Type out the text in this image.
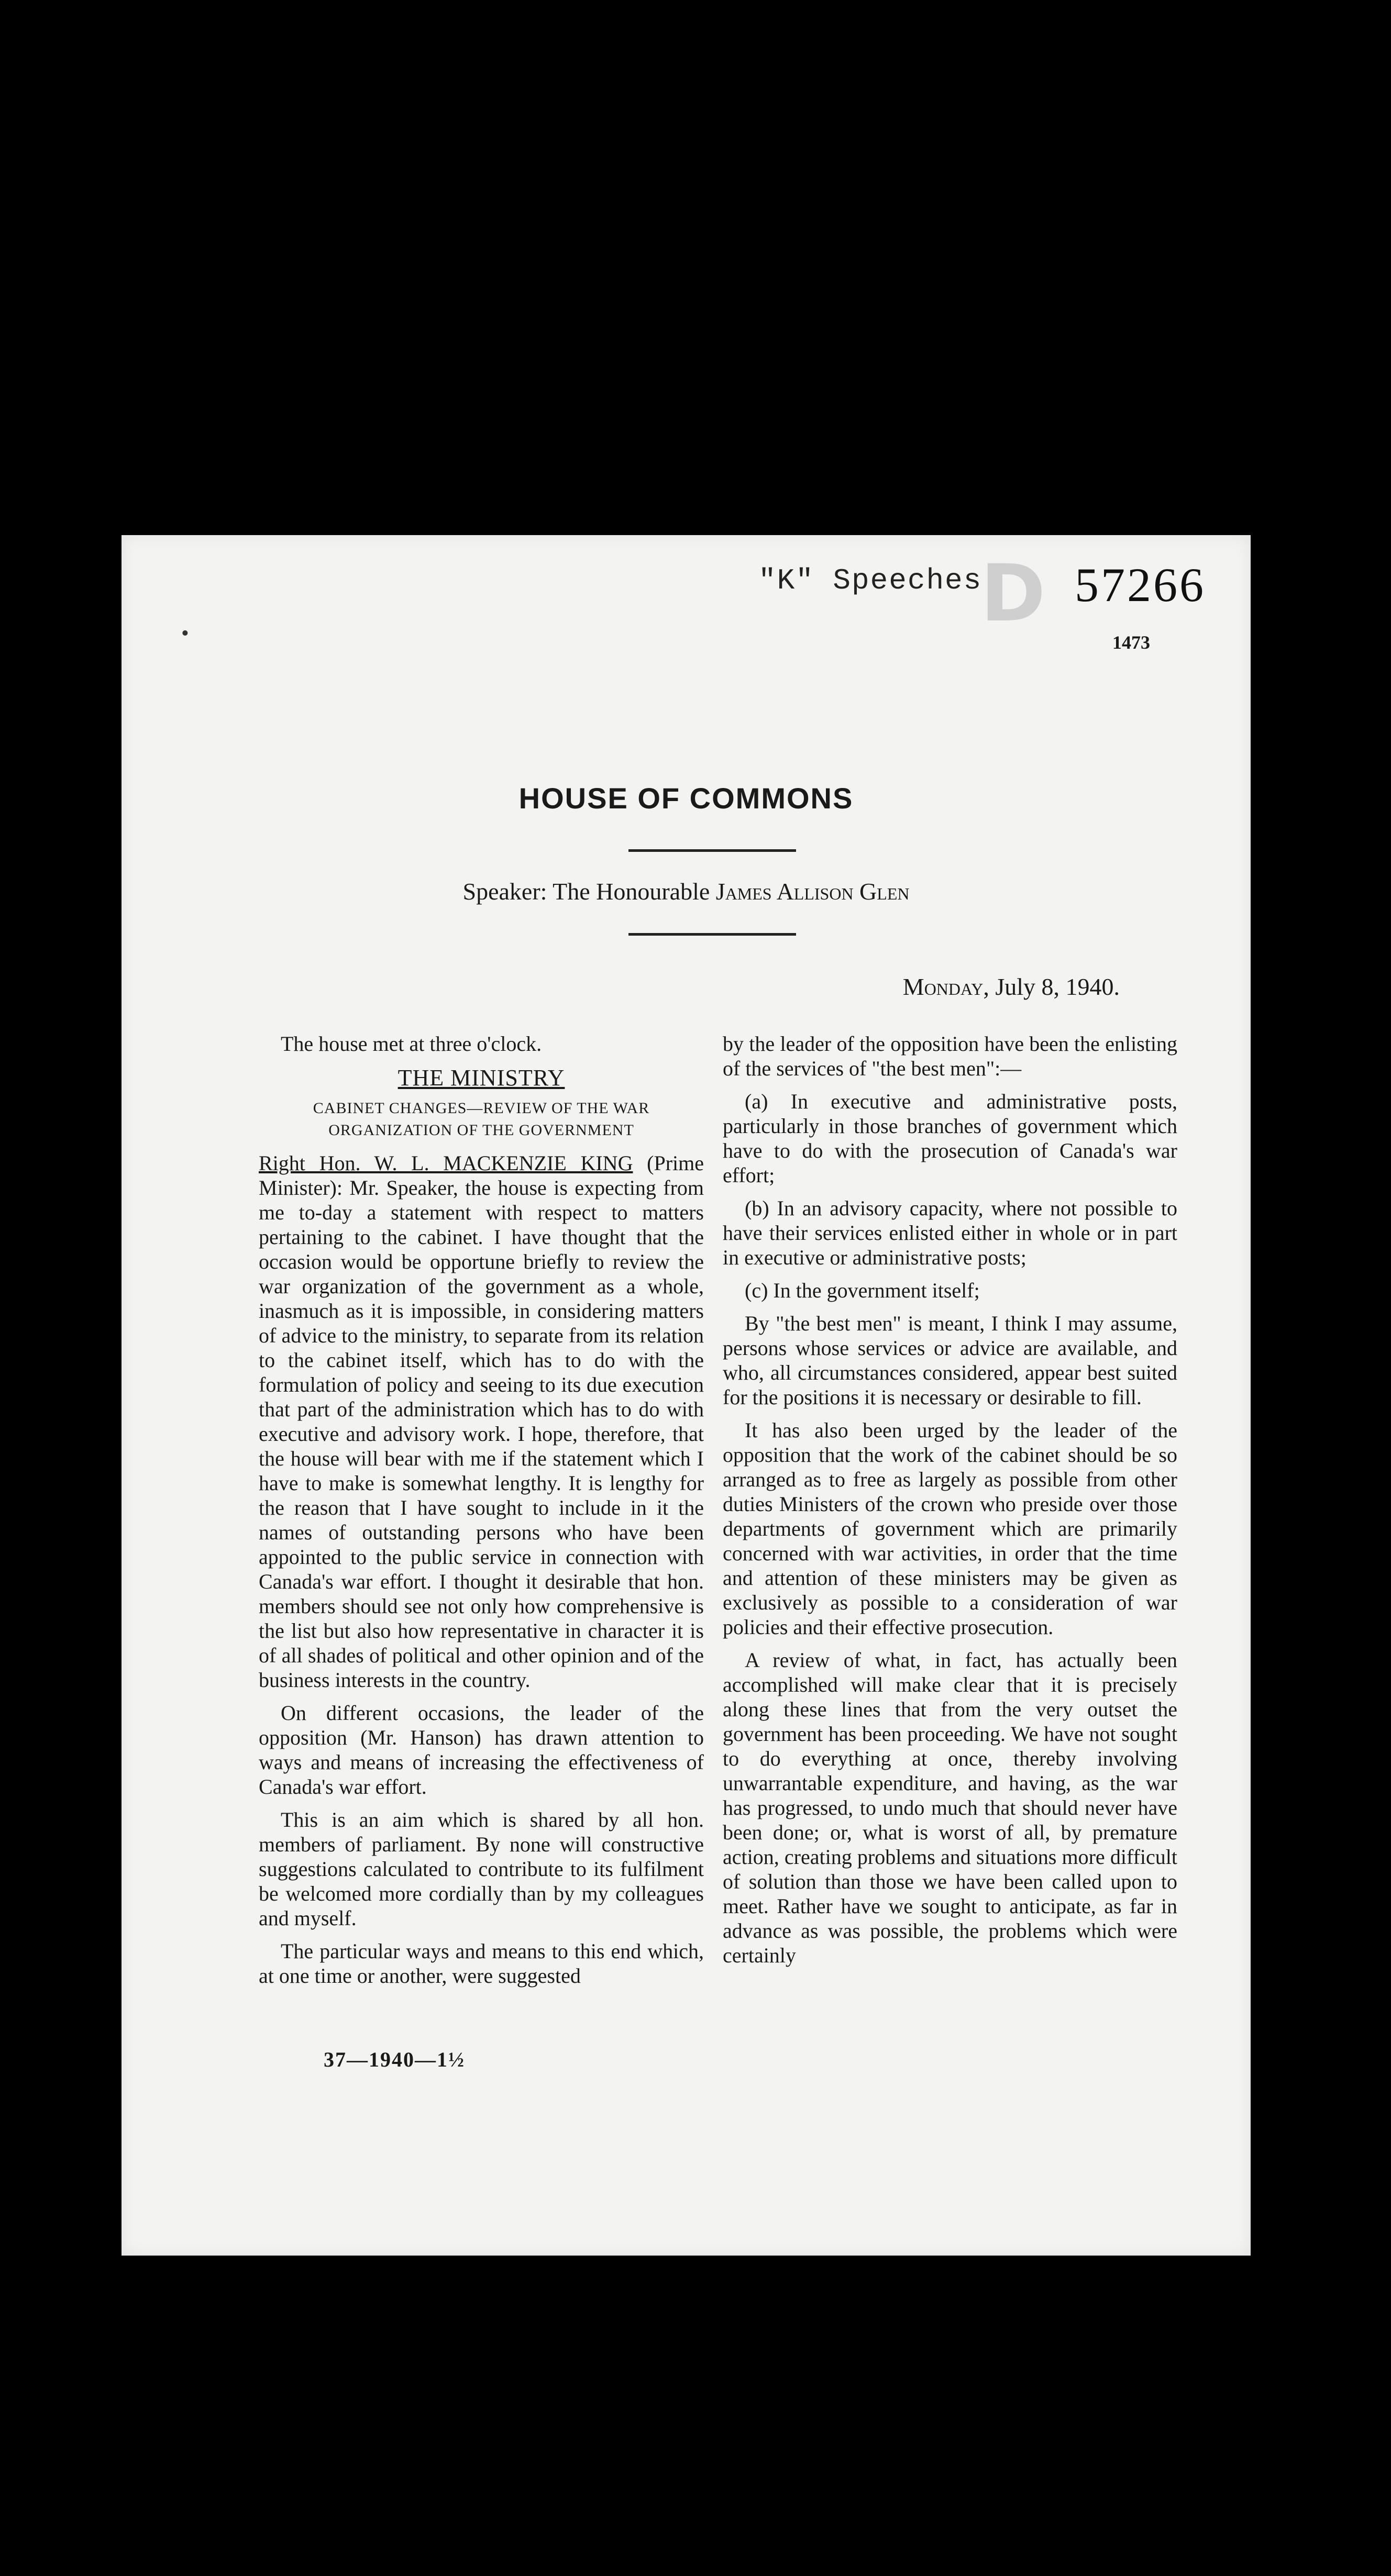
•
"K" Speeches
D 57266
1473
HOUSE OF COMMONS
Speaker: The Honourable James Allison Glen
Monday, July 8, 1940.

The house met at three o'clock.

THE MINISTRY
CABINET CHANGES—REVIEW OF THE WAR ORGANIZATION OF THE GOVERNMENT

Right Hon. W. L. MACKENZIE KING (Prime Minister): Mr. Speaker, the house is expecting from me to-day a statement with respect to matters pertaining to the cabinet. I have thought that the occasion would be opportune briefly to review the war organization of the government as a whole, inasmuch as it is impossible, in considering matters of advice to the ministry, to separate from its relation to the cabinet itself, which has to do with the formulation of policy and seeing to its due execution that part of the administration which has to do with executive and advisory work. I hope, therefore, that the house will bear with me if the statement which I have to make is somewhat lengthy. It is lengthy for the reason that I have sought to include in it the names of outstanding persons who have been appointed to the public service in connection with Canada's war effort. I thought it desirable that hon. members should see not only how comprehensive is the list but also how representative in character it is of all shades of political and other opinion and of the business interests in the country.

On different occasions, the leader of the opposition (Mr. Hanson) has drawn attention to ways and means of increasing the effectiveness of Canada's war effort.

This is an aim which is shared by all hon. members of parliament. By none will constructive suggestions calculated to contribute to its fulfilment be welcomed more cordially than by my colleagues and myself.

The particular ways and means to this end which, at one time or another, were suggested

by the leader of the opposition have been the enlisting of the services of "the best men":—

(a) In executive and administrative posts, particularly in those branches of government which have to do with the prosecution of Canada's war effort;

(b) In an advisory capacity, where not possible to have their services enlisted either in whole or in part in executive or administrative posts;

(c) In the government itself;

By "the best men" is meant, I think I may assume, persons whose services or advice are available, and who, all circumstances considered, appear best suited for the positions it is necessary or desirable to fill.

It has also been urged by the leader of the opposition that the work of the cabinet should be so arranged as to free as largely as possible from other duties Ministers of the crown who preside over those departments of government which are primarily concerned with war activities, in order that the time and attention of these ministers may be given as exclusively as possible to a consideration of war policies and their effective prosecution.

A review of what, in fact, has actually been accomplished will make clear that it is precisely along these lines that from the very outset the government has been proceeding. We have not sought to do everything at once, thereby involving unwarrantable expenditure, and having, as the war has progressed, to undo much that should never have been done; or, what is worst of all, by premature action, creating problems and situations more difficult of solution than those we have been called upon to meet. Rather have we sought to anticipate, as far in advance as was possible, the problems which were certainly

37—1940—1½
